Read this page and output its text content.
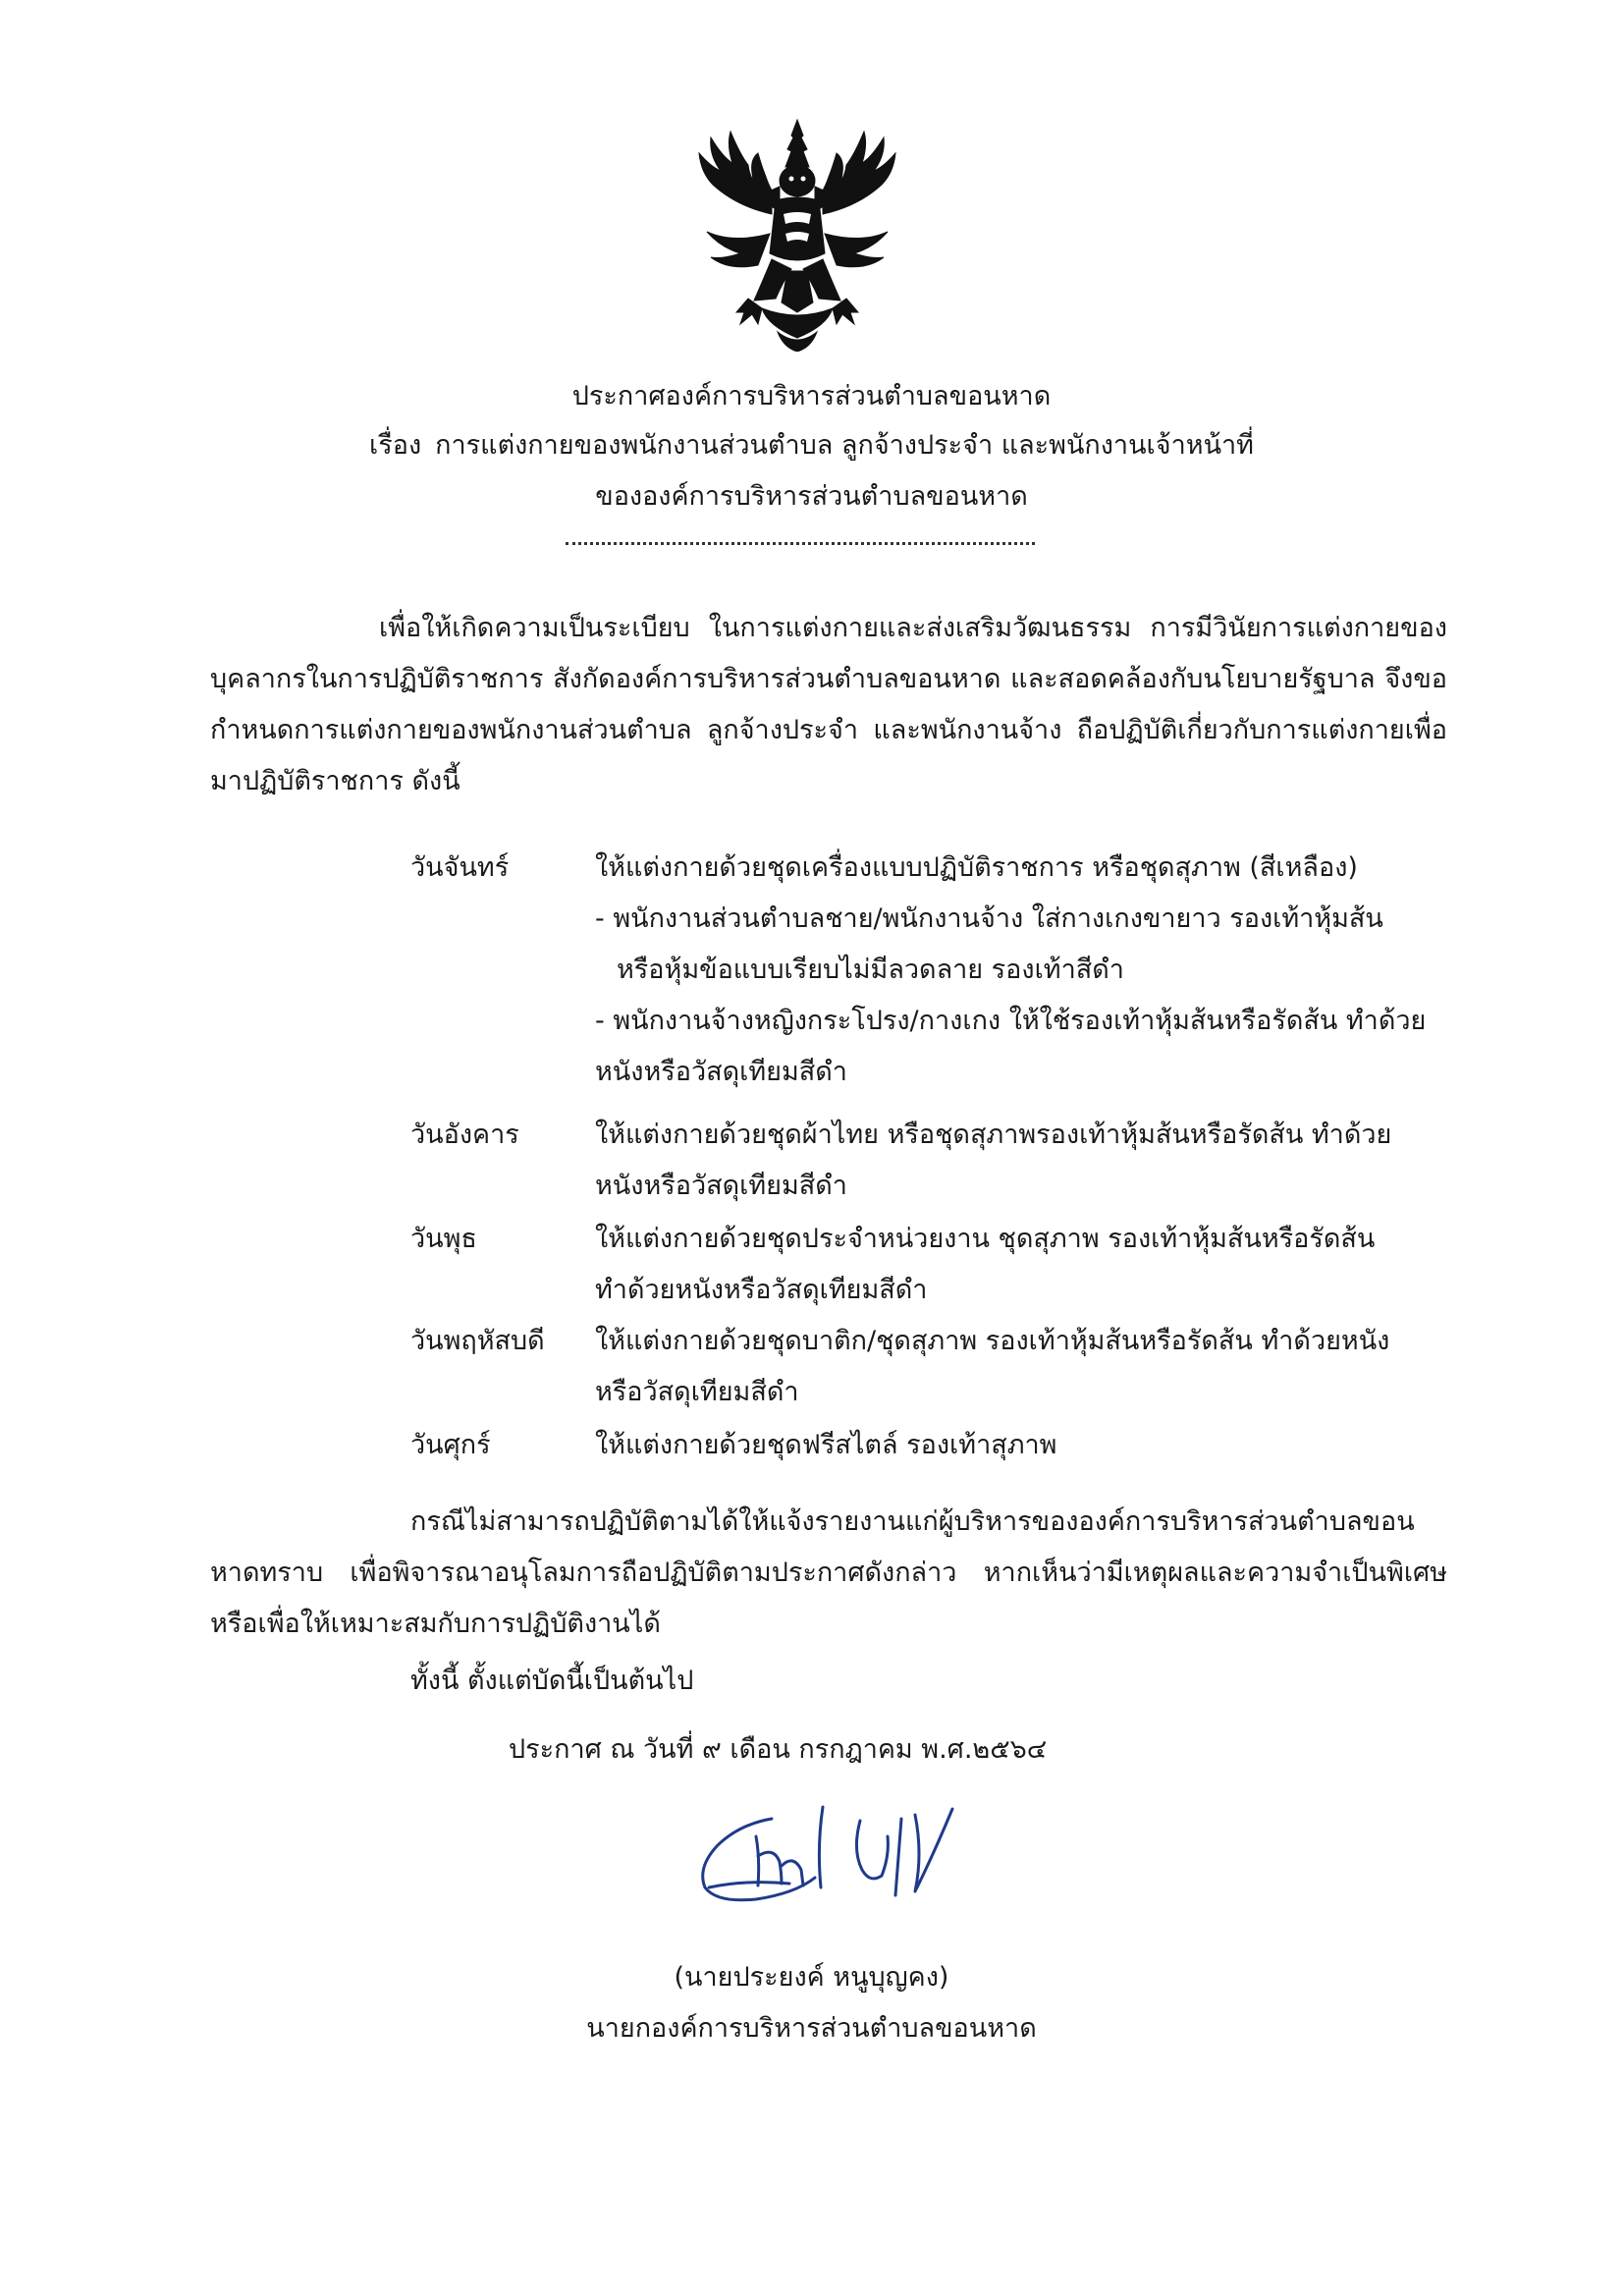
ประกาศองค์การบริหารส่วนตำบลขอนหาด
เรื่อง การแต่งกายของพนักงานส่วนตำบล ลูกจ้างประจำ และพนักงานเจ้าหน้าที่
ขององค์การบริหารส่วนตำบลขอนหาด
เพื่อให้เกิดความเป็นระเบียบ ในการแต่งกายและส่งเสริมวัฒนธรรม การมีวินัยการแต่งกายของบุคลากรในการปฏิบัติราชการ สังกัดองค์การบริหารส่วนตำบลขอนหาด และสอดคล้องกับนโยบายรัฐบาล จึงขอกำหนดการแต่งกายของพนักงานส่วนตำบล ลูกจ้างประจำ และพนักงานจ้าง ถือปฏิบัติเกี่ยวกับการแต่งกายเพื่อมาปฏิบัติราชการ ดังนี้
วันจันทร์	ให้แต่งกายด้วยชุดเครื่องแบบปฏิบัติราชการ หรือชุดสุภาพ (สีเหลือง)
- พนักงานส่วนตำบลชาย/พนักงานจ้าง ใส่กางเกงขายาว รองเท้าหุ้มส้น
หรือหุ้มข้อแบบเรียบไม่มีลวดลาย รองเท้าสีดำ
- พนักงานจ้างหญิงกระโปรง/กางเกง ให้ใช้รองเท้าหุ้มส้นหรือรัดส้น ทำด้วย
หนังหรือวัสดุเทียมสีดำ
วันอังคาร	ให้แต่งกายด้วยชุดผ้าไทย หรือชุดสุภาพรองเท้าหุ้มส้นหรือรัดส้น ทำด้วย
หนังหรือวัสดุเทียมสีดำ
วันพุธ	ให้แต่งกายด้วยชุดประจำหน่วยงาน ชุดสุภาพ รองเท้าหุ้มส้นหรือรัดส้น
ทำด้วยหนังหรือวัสดุเทียมสีดำ
วันพฤหัสบดี ให้แต่งกายด้วยชุดบาติก/ชุดสุภาพ รองเท้าหุ้มส้นหรือรัดส้น ทำด้วยหนัง
หรือวัสดุเทียมสีดำ
วันศุกร์	ให้แต่งกายด้วยชุดฟรีสไตล์ รองเท้าสุภาพ
กรณีไม่สามารถปฏิบัติตามได้ให้แจ้งรายงานแก่ผู้บริหารขององค์การบริหารส่วนตำบลขอนหาดทราบ เพื่อพิจารณาอนุโลมการถือปฏิบัติตามประกาศดังกล่าว หากเห็นว่ามีเหตุผลและความจำเป็นพิเศษหรือเพื่อให้เหมาะสมกับการปฏิบัติงานได้
ทั้งนี้ ตั้งแต่บัดนี้เป็นต้นไป
ประกาศ ณ วันที่ ๙ เดือน กรกฎาคม พ.ศ.๒๕๖๔
(นายประยงค์ หนูบุญคง)
นายกองค์การบริหารส่วนตำบลขอนหาด
